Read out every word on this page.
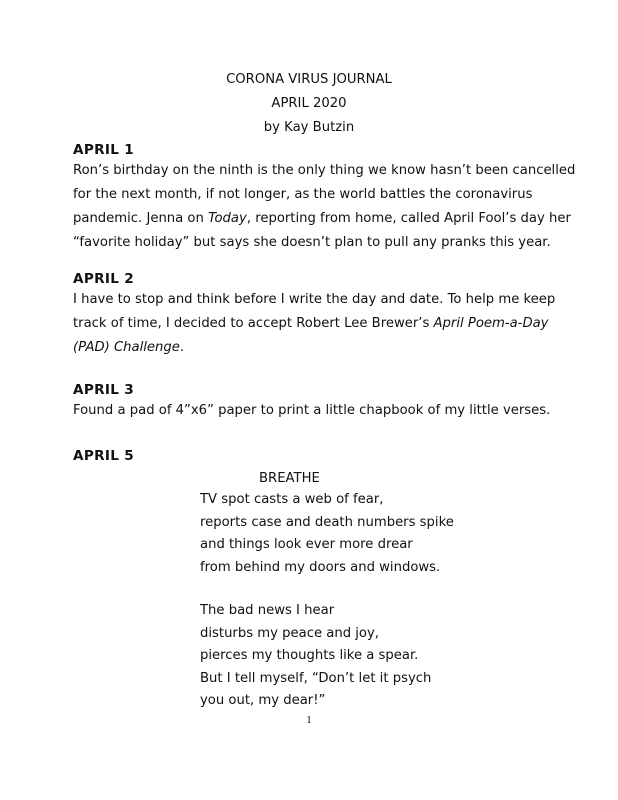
CORONA VIRUS JOURNAL
APRIL 2020
by Kay Butzin
APRIL 1
Ron’s birthday on the ninth is the only thing we know hasn’t been cancelled
for the next month, if not longer, as the world battles the coronavirus
pandemic. Jenna on Today, reporting from home, called April Fool’s day her
“favorite holiday” but says she doesn’t plan to pull any pranks this year.
APRIL 2
I have to stop and think before I write the day and date. To help me keep
track of time, I decided to accept Robert Lee Brewer’s April Poem-a-Day
(PAD) Challenge.
APRIL 3
Found a pad of 4”x6” paper to print a little chapbook of my little verses.
APRIL 5
BREATHE
TV spot casts a web of fear,
reports case and death numbers spike
and things look ever more drear
from behind my doors and windows.
The bad news I hear
disturbs my peace and joy,
pierces my thoughts like a spear.
But I tell myself, “Don’t let it psych
you out, my dear!”
1
